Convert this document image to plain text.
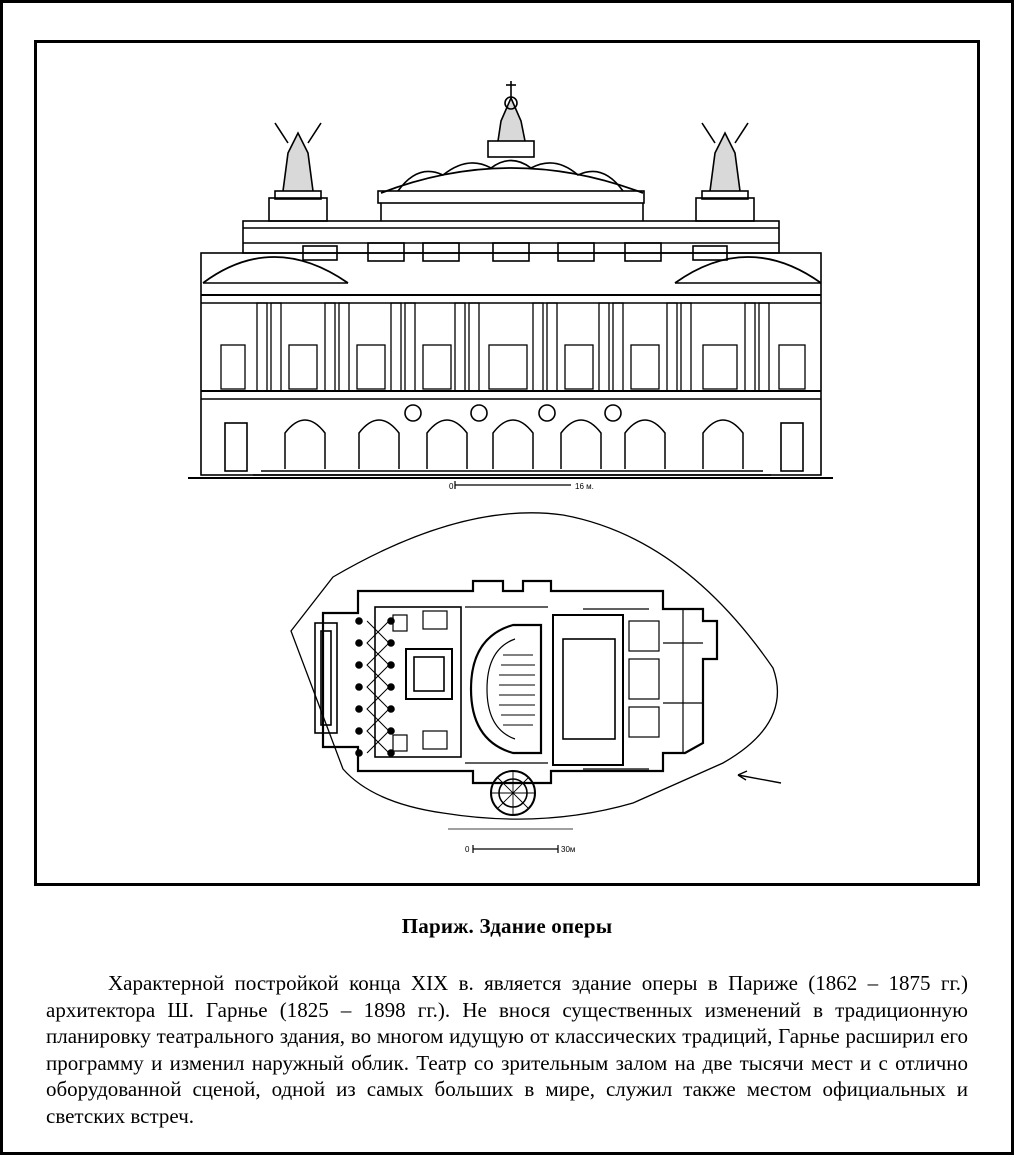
0	16 м.
0	30м
Париж. Здание оперы

Характерной постройкой конца XIX в. является здание оперы в Париже (1862 – 1875 гг.) архитектора Ш. Гарнье (1825 – 1898 гг.). Не внося существенных изменений в традиционную планировку театрального здания, во многом идущую от классических традиций, Гарнье расширил его программу и изменил наружный облик. Театр со зрительным залом на две тысячи мест и с отлично оборудованной сценой, одной из самых больших в мире, служил также местом официальных и светских встреч.
